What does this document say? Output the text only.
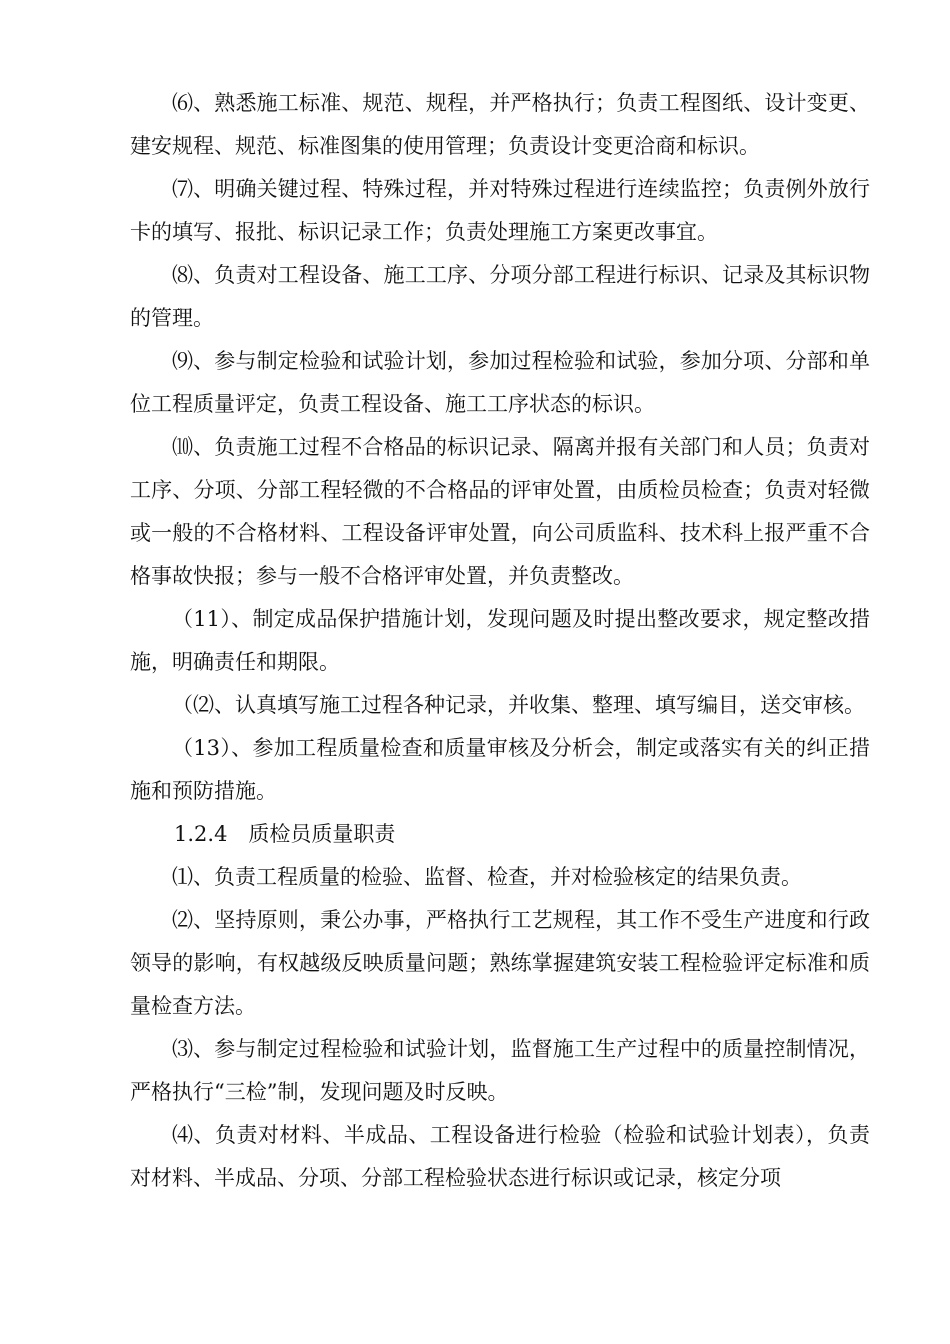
⑹、熟悉施工标准、规范、规程，并严格执行；负责工程图纸、设计变更、建安规程、规范、标准图集的使用管理；负责设计变更洽商和标识。

⑺、明确关键过程、特殊过程，并对特殊过程进行连续监控；负责例外放行卡的填写、报批、标识记录工作；负责处理施工方案更改事宜。

⑻、负责对工程设备、施工工序、分项分部工程进行标识、记录及其标识物的管理。

⑼、参与制定检验和试验计划，参加过程检验和试验，参加分项、分部和单位工程质量评定，负责工程设备、施工工序状态的标识。

⑽、负责施工过程不合格品的标识记录、隔离并报有关部门和人员；负责对工序、分项、分部工程轻微的不合格品的评审处置，由质检员检查；负责对轻微或一般的不合格材料、工程设备评审处置，向公司质监科、技术科上报严重不合格事故快报；参与一般不合格评审处置，并负责整改。

（11）、制定成品保护措施计划，发现问题及时提出整改要求，规定整改措施，明确责任和期限。

（⑵、认真填写施工过程各种记录，并收集、整理、填写编目，送交审核。

（13）、参加工程质量检查和质量审核及分析会，制定或落实有关的纠正措施和预防措施。

1.2.4　质检员质量职责

⑴、负责工程质量的检验、监督、检查，并对检验核定的结果负责。

⑵、坚持原则，秉公办事，严格执行工艺规程，其工作不受生产进度和行政领导的影响，有权越级反映质量问题；熟练掌握建筑安装工程检验评定标准和质量检查方法。

⑶、参与制定过程检验和试验计划，监督施工生产过程中的质量控制情况，严格执行“三检”制，发现问题及时反映。

⑷、负责对材料、半成品、工程设备进行检验（检验和试验计划表），负责对材料、半成品、分项、分部工程检验状态进行标识或记录，核定分项
